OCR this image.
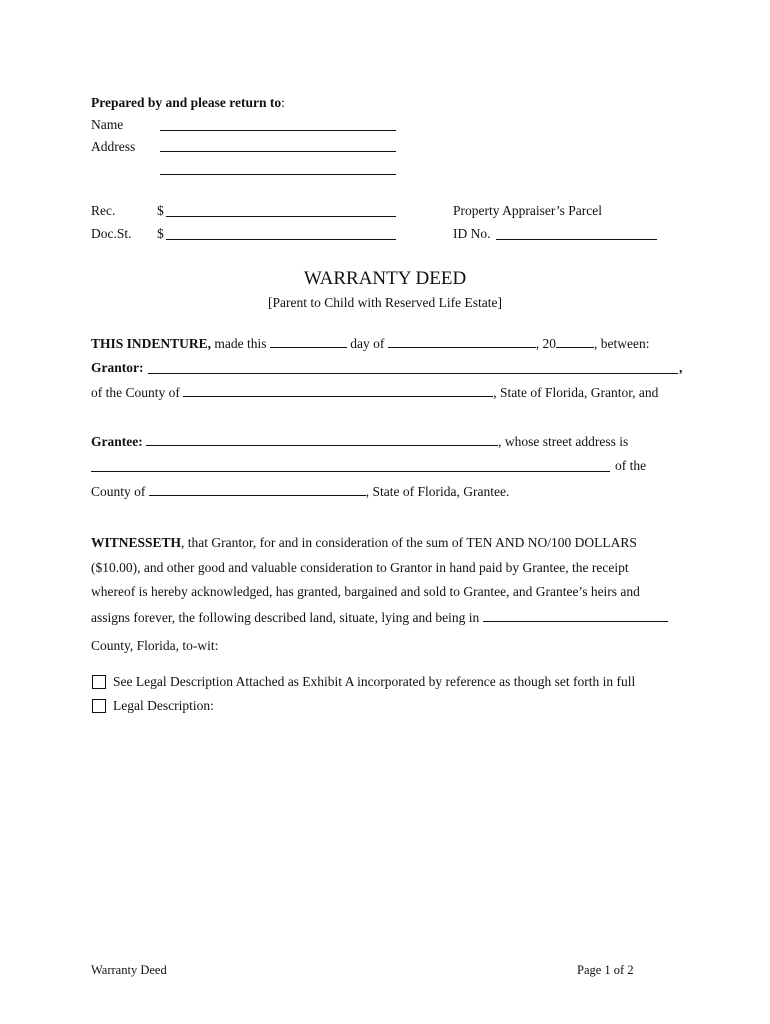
Prepared by and please return to:
Name
Address
Rec.	$
Doc.St. $
Property Appraiser’s Parcel
ID No.
WARRANTY DEED
[Parent to Child with Reserved Life Estate]
THIS INDENTURE, made this	day of	, 20	, between:
Grantor:	,
of the County of	, State of Florida, Grantor, and
Grantee:	, whose street address is
of the
County of	, State of Florida, Grantee.
WITNESSETH, that Grantor, for and in consideration of the sum of TEN AND NO/100 DOLLARS
($10.00), and other good and valuable consideration to Grantor in hand paid by Grantee, the receipt
whereof is hereby acknowledged, has granted, bargained and sold to Grantee, and Grantee’s heirs and
assigns forever, the following described land, situate, lying and being in
County, Florida, to-wit:
See Legal Description Attached as Exhibit A incorporated by reference as though set forth in full
Legal Description:
Warranty Deed	Page 1 of 2
